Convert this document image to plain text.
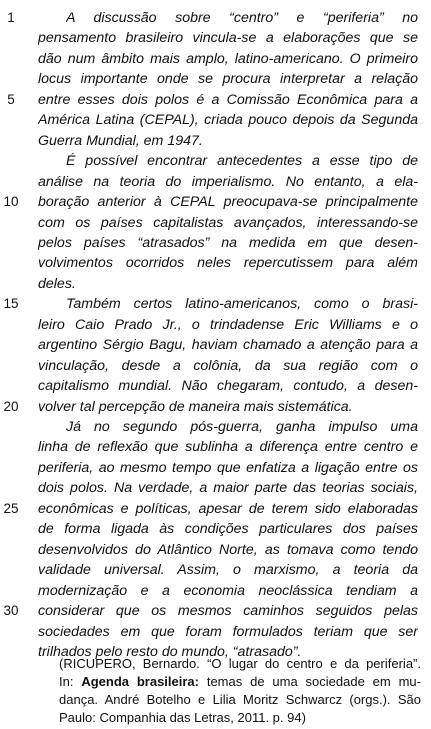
1	A discussão sobre “centro” e “periferia” no
pensamento brasileiro vincula-se a elaborações que se
dão num âmbito mais amplo, latino-americano. O primeiro
locus importante onde se procura interpretar a relação
5	entre esses dois polos é a Comissão Econômica para a
América Latina (CEPAL), criada pouco depois da Segunda
Guerra Mundial, em 1947.
É possível encontrar antecedentes a esse tipo de
análise na teoria do imperialismo. No entanto, a ela-
10 boração anterior à CEPAL preocupava-se principalmente
com os países capitalistas avançados, interessando-se
pelos países “atrasados” na medida em que desen-
volvimentos ocorridos neles repercutissem para além
deles.
15	Também certos latino-americanos, como o brasi-
leiro Caio Prado Jr., o trindadense Eric Williams e o
argentino Sérgio Bagu, haviam chamado a atenção para a
vinculação, desde a colônia, da sua região com o
capitalismo mundial. Não chegaram, contudo, a desen-
20 volver tal percepção de maneira mais sistemática.
Já no segundo pós-guerra, ganha impulso uma
linha de reflexão que sublinha a diferença entre centro e
periferia, ao mesmo tempo que enfatiza a ligação entre os
dois polos. Na verdade, a maior parte das teorias sociais,
25 econômicas e políticas, apesar de terem sido elaboradas
de forma ligada às condições particulares dos países
desenvolvidos do Atlântico Norte, as tomava como tendo
validade universal. Assim, o marxismo, a teoria da
modernização e a economia neoclássica tendiam a
30 considerar que os mesmos caminhos seguidos pelas
sociedades em que foram formulados teriam que ser
trilhados pelo resto do mundo, “atrasado”.
(RICUPERO, Bernardo. “O lugar do centro e da periferia”.
In: Agenda brasileira: temas de uma sociedade em mu-
dança. André Botelho e Lilia Moritz Schwarcz (orgs.). São
Paulo: Companhia das Letras, 2011. p. 94)
